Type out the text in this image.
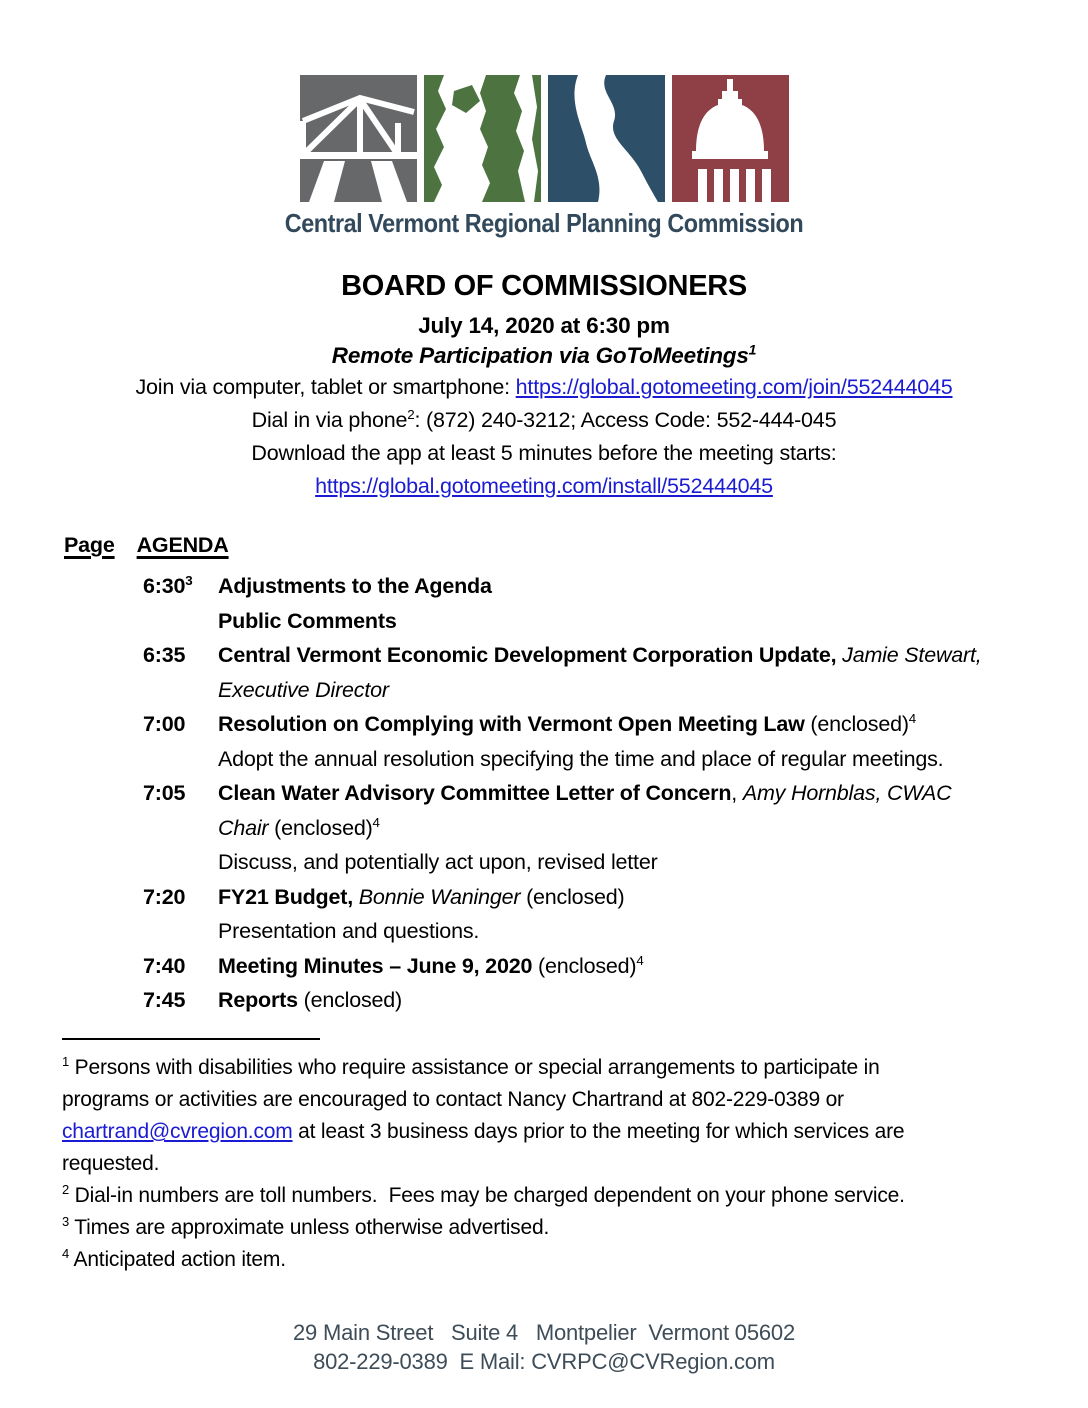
Central Vermont Regional Planning Commission
BOARD OF COMMISSIONERS
July 14, 2020 at 6:30 pm
Remote Participation via GoToMeetings$^1$
Join via computer, tablet or smartphone: https://global.gotomeeting.com/join/552444045
Dial in via phone$^2$: (872) 240-3212; Access Code: 552-444-045
Download the app at least 5 minutes before the meeting starts:
https://global.gotomeeting.com/install/552444045
Page AGENDA
$6:30^3$	Adjustments to the Agenda
Public Comments
6:35	Central Vermont Economic Development Corporation Update, Jamie Stewart,
Executive Director
7:00	Resolution on Complying with Vermont Open Meeting Law (enclosed)$^4$
Adopt the annual resolution specifying the time and place of regular meetings.
7:05	Clean Water Advisory Committee Letter of Concern, Amy Hornblas, CWAC
Chair (enclosed)$^4$
Discuss, and potentially act upon, revised letter
7:20	FY21 Budget, Bonnie Waninger (enclosed)
Presentation and questions.
7:40	Meeting Minutes – June 9, 2020 (enclosed)$^4$
7:45	Reports (enclosed)
$^1$ Persons with disabilities who require assistance or special arrangements to participate in
programs or activities are encouraged to contact Nancy Chartrand at 802-229-0389 or
chartrand@cvregion.com at least 3 business days prior to the meeting for which services are
requested.
$^2$ Dial-in numbers are toll numbers.  Fees may be charged dependent on your phone service.
$^3$ Times are approximate unless otherwise advertised.
$^4$ Anticipated action item.
29 Main Street   Suite 4   Montpelier  Vermont 05602
802-229-0389  E Mail: CVRPC@CVRegion.com
